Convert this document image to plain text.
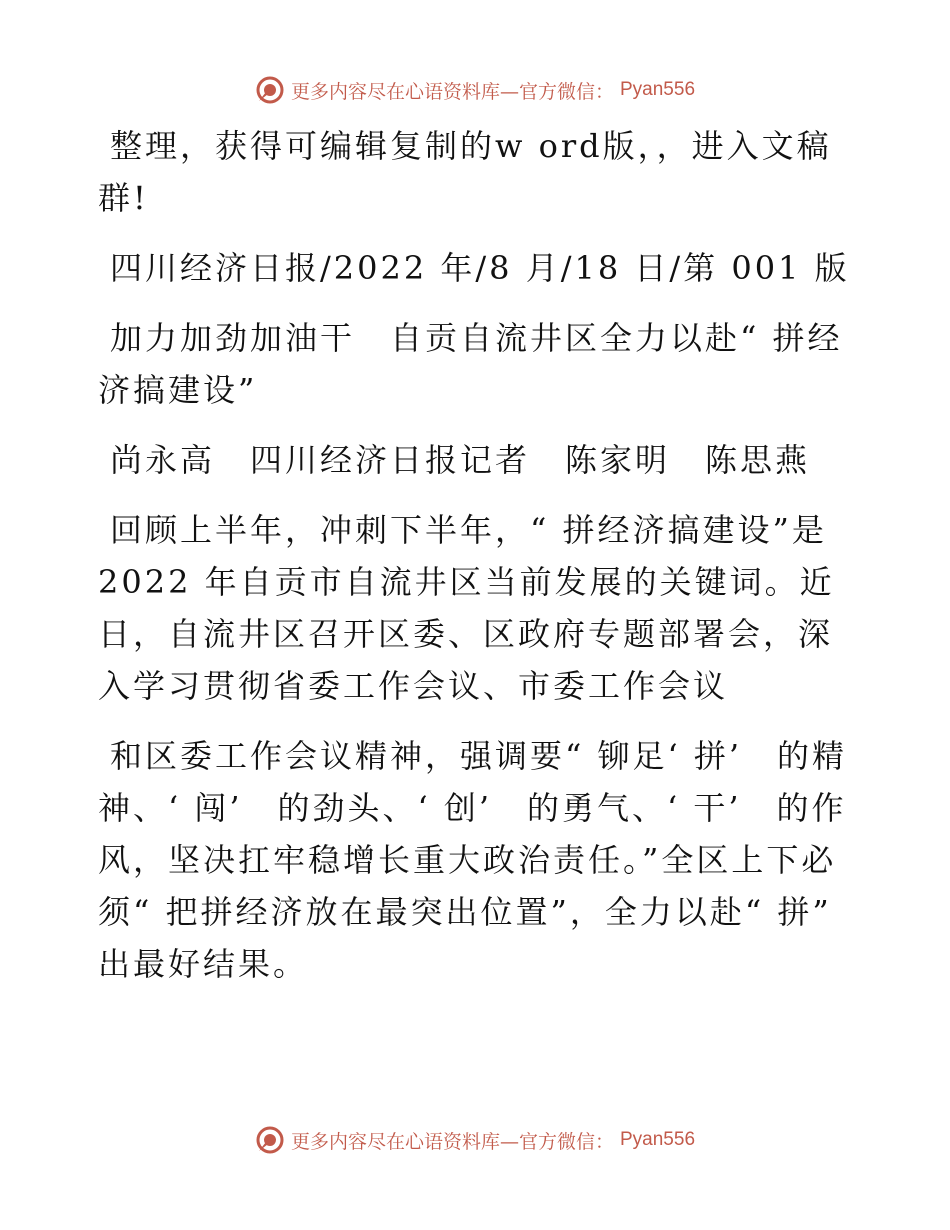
更多内容尽在心语资料库—官方微信： Pyan556

整理，获得可编辑复制的w ord版，，进入文稿群!

四川经济日报/2022 年/8 月/18 日/第 001 版

加力加劲加油干　自贡自流井区全力以赴“ 拼经济搞建设”

尚永高　四川经济日报记者　陈家明　陈思燕

回顾上半年，冲刺下半年，“ 拼经济搞建设”是 2022 年自贡市自流井区当前发展的关键词。近日，自流井区召开区委、区政府专题部署会，深入学习贯彻省委工作会议、市委工作会议

和区委工作会议精神，强调要“ 铆足‘ 拼’　的精神、‘ 闯’　的劲头、‘ 创’　的勇气、‘ 干’　的作风，坚决扛牢稳增长重大政治责任。”全区上下必须“ 把拼经济放在最突出位置”，全力以赴“ 拼” 出最好结果。

更多内容尽在心语资料库—官方微信： Pyan556
